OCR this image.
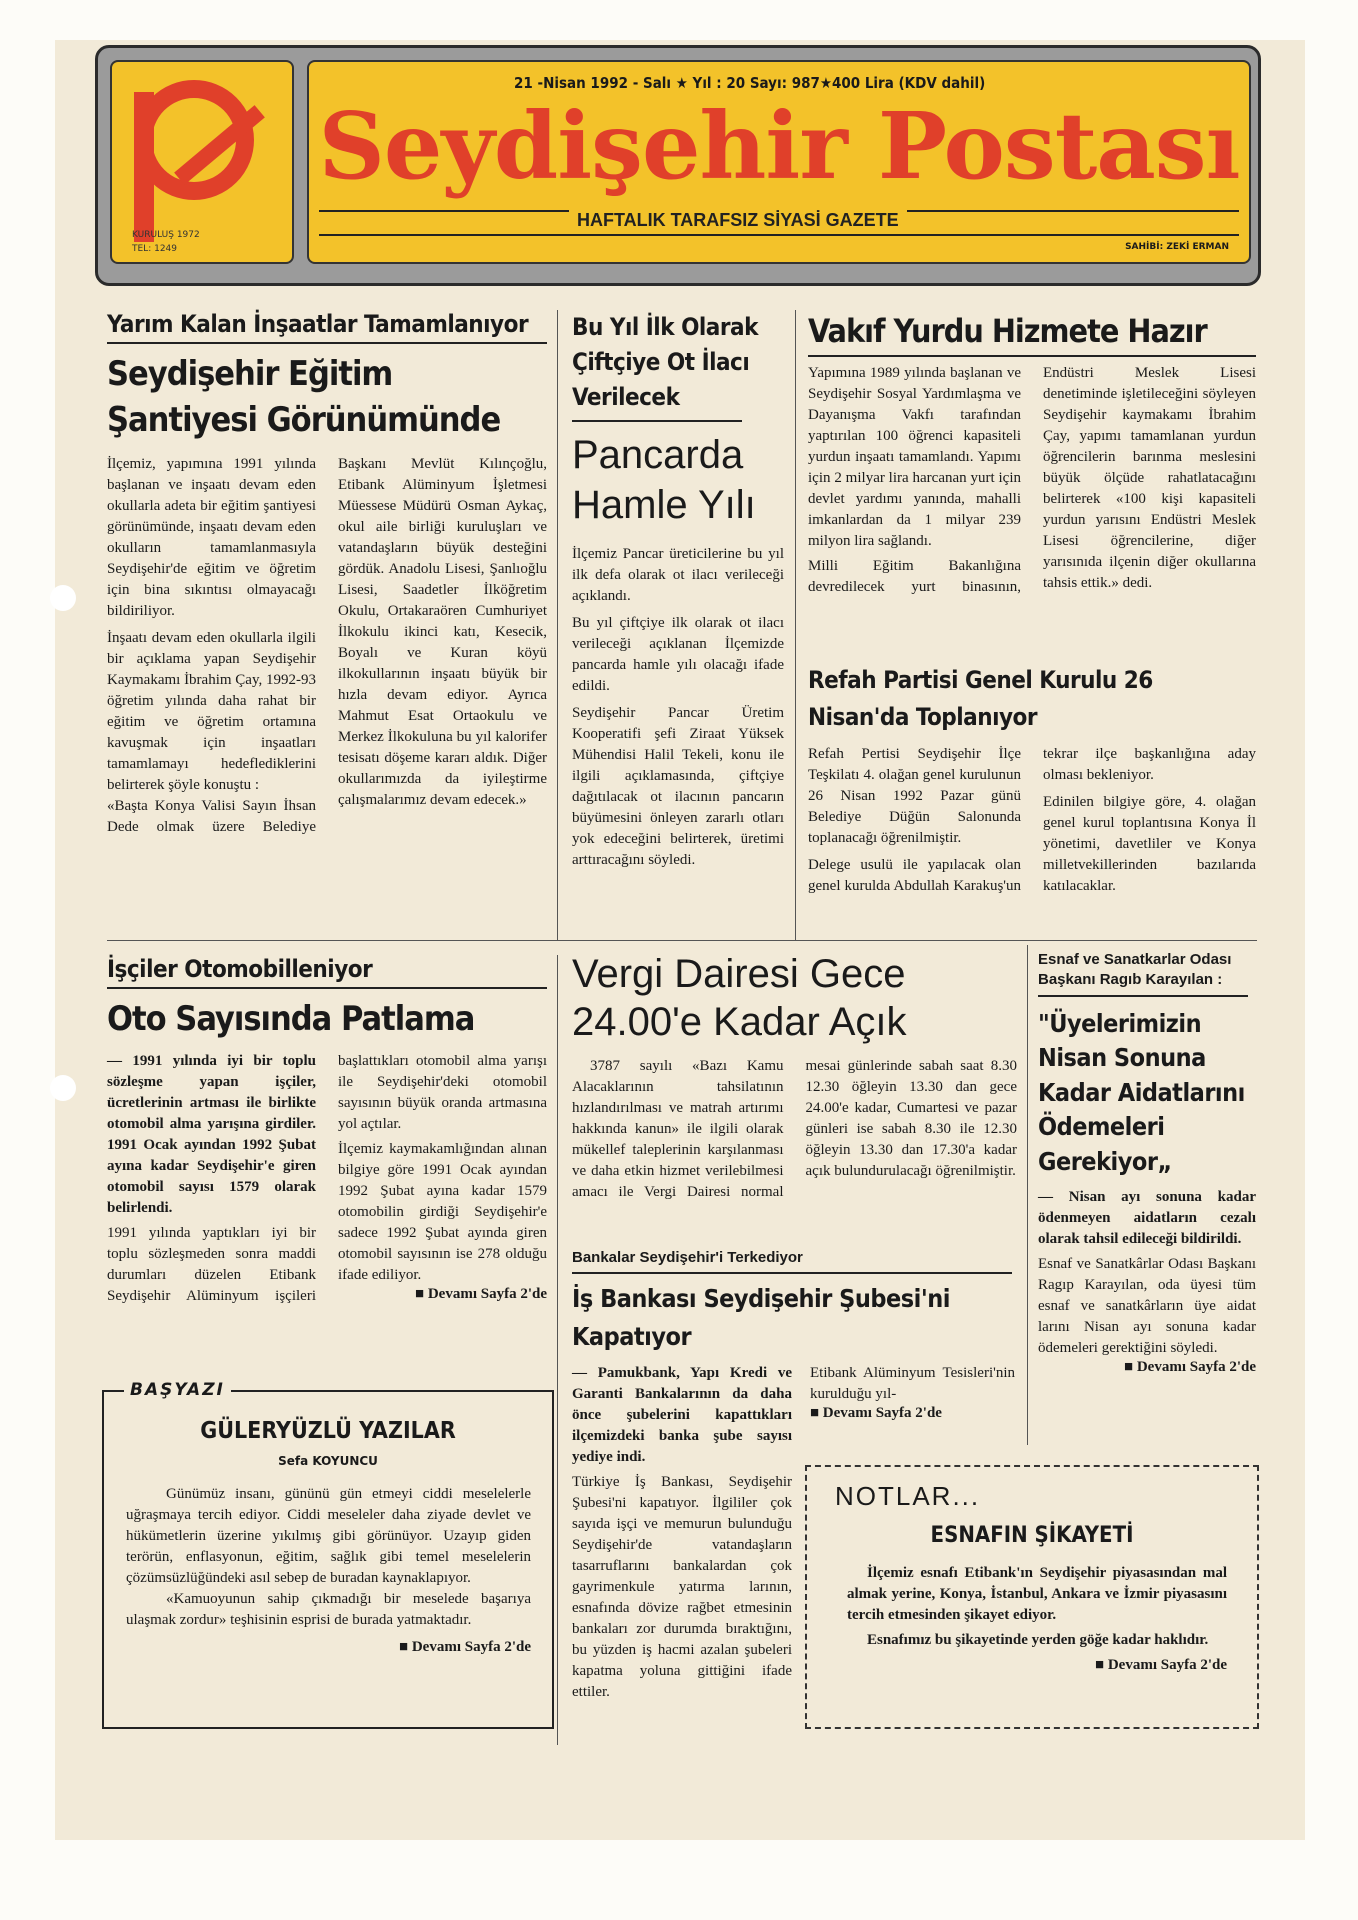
KURULUŞ 1972
TEL: 1249
21 -Nisan 1992 - Salı ★ Yıl : 20 Sayı: 987★400 Lira (KDV dahil)
Seydişehir Postası
HAFTALIK TARAFSIZ SİYASİ GAZETE
SAHİBİ: ZEKİ ERMAN
Yarım Kalan İnşaatlar Tamamlanıyor
Seydişehir Eğitim Şantiyesi Görünümünde

İlçemiz, yapımına 1991 yılında başlanan ve inşaatı devam eden okullarla adeta bir eğitim şantiyesi görünümünde, inşaatı devam eden okulların tamamlanmasıyla Seydişehir'de eğitim ve öğretim için bina sıkıntısı olmayacağı bildiriliyor.

İnşaatı devam eden okullarla ilgili bir açıklama yapan Seydişehir Kaymakamı İbrahim Çay, 1992-93 öğretim yılında daha rahat bir eğitim ve öğretim ortamına kavuşmak için inşaatları tamamlamayı hedeflediklerini belirterek şöyle konuştu :

«Başta Konya Valisi Sayın İhsan Dede olmak üzere Belediye Başkanı Mevlüt Kılınçoğlu, Etibank Alüminyum İşletmesi Müessese Müdürü Osman Aykaç, okul aile birliği kuruluşları ve vatandaşların büyük desteğini gördük. Anadolu Lisesi, Şanlıoğlu Lisesi, Saadetler İlköğretim Okulu, Ortakaraören Cumhuriyet İlkokulu ikinci katı, Kesecik, Boyalı ve Kuran köyü ilkokullarının inşaatı büyük bir hızla devam ediyor. Ayrıca Mahmut Esat Ortaokulu ve Merkez İlkokuluna bu yıl kalorifer tesisatı döşeme kararı aldık. Diğer okullarımızda da iyileştirme çalışmalarımız devam edecek.»

Bu Yıl İlk Olarak Çiftçiye Ot İlacı Verilecek
Pancarda Hamle Yılı

İlçemiz Pancar üreticilerine bu yıl ilk defa olarak ot ilacı verileceği açıklandı.

Bu yıl çiftçiye ilk olarak ot ilacı verileceği açıklanan İlçemizde pancarda hamle yılı olacağı ifade edildi.

Seydişehir Pancar Üretim Kooperatifi şefi Ziraat Yüksek Mühendisi Halil Tekeli, konu ile ilgili açıklamasında, çiftçiye dağıtılacak ot ilacının pancarın büyümesini önleyen zararlı otları yok edeceğini belirterek, üretimi arttıracağını söyledi.

Vakıf Yurdu Hizmete Hazır

Yapımına 1989 yılında başlanan ve Seydişehir Sosyal Yardımlaşma ve Dayanışma Vakfı tarafından yaptırılan 100 öğrenci kapasiteli yurdun inşaatı tamamlandı. Yapımı için 2 milyar lira harcanan yurt için devlet yardımı yanında, mahalli imkanlardan da 1 milyar 239 milyon lira sağlandı.

Milli Eğitim Bakanlığına devredilecek yurt binasının, Endüstri Meslek Lisesi denetiminde işletileceğini söyleyen Seydişehir kaymakamı İbrahim Çay, yapımı tamamlanan yurdun öğrencilerin barınma meslesini büyük ölçüde rahatlatacağını belirterek «100 kişi kapasiteli yurdun yarısını Endüstri Meslek Lisesi öğrencilerine, diğer yarısınıda ilçenin diğer okullarına tahsis ettik.» dedi.

Refah Partisi Genel Kurulu 26 Nisan'da Toplanıyor

Refah Pertisi Seydişehir İlçe Teşkilatı 4. olağan genel kurulunun 26 Nisan 1992 Pazar günü Belediye Düğün Salonunda toplanacağı öğrenilmiştir.

Delege usulü ile yapılacak olan genel kurulda Abdullah Karakuş'un tekrar ilçe başkanlığına aday olması bekleniyor.

Edinilen bilgiye göre, 4. olağan genel kurul toplantısına Konya İl yönetimi, davetliler ve Konya milletvekillerinden bazılarıda katılacaklar.

İşçiler Otomobilleniyor
Oto Sayısında Patlama

— 1991 yılında iyi bir toplu sözleşme yapan işçiler, ücretlerinin artması ile birlikte otomobil alma yarışına girdiler. 1991 Ocak ayından 1992 Şubat ayına kadar Seydişehir'e giren otomobil sayısı 1579 olarak belirlendi.

1991 yılında yaptıkları iyi bir toplu sözleşmeden sonra maddi durumları düzelen Etibank Seydişehir Alüminyum işçileri başlattıkları otomobil alma yarışı ile Seydişehir'deki otomobil sayısının büyük oranda artmasına yol açtılar.

İlçemiz kaymakamlığından alınan bilgiye göre 1991 Ocak ayından 1992 Şubat ayına kadar 1579 otomobilin girdiği Seydişehir'e sadece 1992 Şubat ayında giren otomobil sayısının ise 278 olduğu ifade ediliyor.

■ Devamı Sayfa 2'de
BAŞYAZI
GÜLERYÜZLÜ YAZILAR
Sefa KOYUNCU

Günümüz insanı, gününü gün etmeyi ciddi meselelerle uğraşmaya tercih ediyor. Ciddi meseleler daha ziyade devlet ve hükümetlerin üzerine yıkılmış gibi görünüyor. Uzayıp giden terörün, enflasyonun, eğitim, sağlık gibi temel meselelerin çözümsüzlüğündeki asıl sebep de buradan kaynaklapıyor.

«Kamuoyunun sahip çıkmadığı bir meselede başarıya ulaşmak zordur» teşhisinin esprisi de burada yatmaktadır.

■ Devamı Sayfa 2'de
Vergi Dairesi Gece 24.00'e Kadar Açık

3787 sayılı «Bazı Kamu Alacaklarının tahsilatının hızlandırılması ve matrah artırımı hakkında kanun» ile ilgili olarak mükellef taleplerinin karşılanması ve daha etkin hizmet verilebilmesi amacı ile Vergi Dairesi normal mesai günlerinde sabah saat 8.30 12.30 öğleyin 13.30 dan gece 24.00'e kadar, Cumartesi ve pazar günleri ise sabah 8.30 ile 12.30 öğleyin 13.30 dan 17.30'a kadar açık bulundurulacağı öğrenilmiştir.

Bankalar Seydişehir'i Terkediyor
İş Bankası Seydişehir Şubesi'ni Kapatıyor

— Pamukbank, Yapı Kredi ve Garanti Bankalarının da daha önce şubelerini kapattıkları ilçemizdeki banka şube sayısı yediye indi.

Türkiye İş Bankası, Seydişehir Şubesi'ni kapatıyor. İlgililer çok sayıda işçi ve memurun bulunduğu Seydişehir'de vatandaşların tasarruflarını bankalardan çok gayrimenkule yatırma larının, esnafında dövize rağbet etmesinin bankaları zor durumda bıraktığını, bu yüzden iş hacmi azalan şubeleri kapatma yoluna gittiğini ifade ettiler.

Etibank Alüminyum Tesisleri'nin kurulduğu yıl-

■ Devamı Sayfa 2'de
Esnaf ve Sanatkarlar Odası Başkanı Ragıb Karayılan :
"Üyelerimizin Nisan Sonuna Kadar Aidatlarını Ödemeleri Gerekiyor„

— Nisan ayı sonuna kadar ödenmeyen aidatların cezalı olarak tahsil edileceği bildirildi.

Esnaf ve Sanatkârlar Odası Başkanı Ragıp Karayılan, oda üyesi tüm esnaf ve sanatkârların üye aidat larını Nisan ayı sonuna kadar ödemeleri gerektiğini söyledi.

■ Devamı Sayfa 2'de
NOTLAR...
ESNAFIN ŞİKAYETİ

İlçemiz esnafı Etibank'ın Seydişehir piyasasından mal almak yerine, Konya, İstanbul, Ankara ve İzmir piyasasını tercih etmesinden şikayet ediyor.

Esnafımız bu şikayetinde yerden göğe kadar haklıdır.

■ Devamı Sayfa 2'de
